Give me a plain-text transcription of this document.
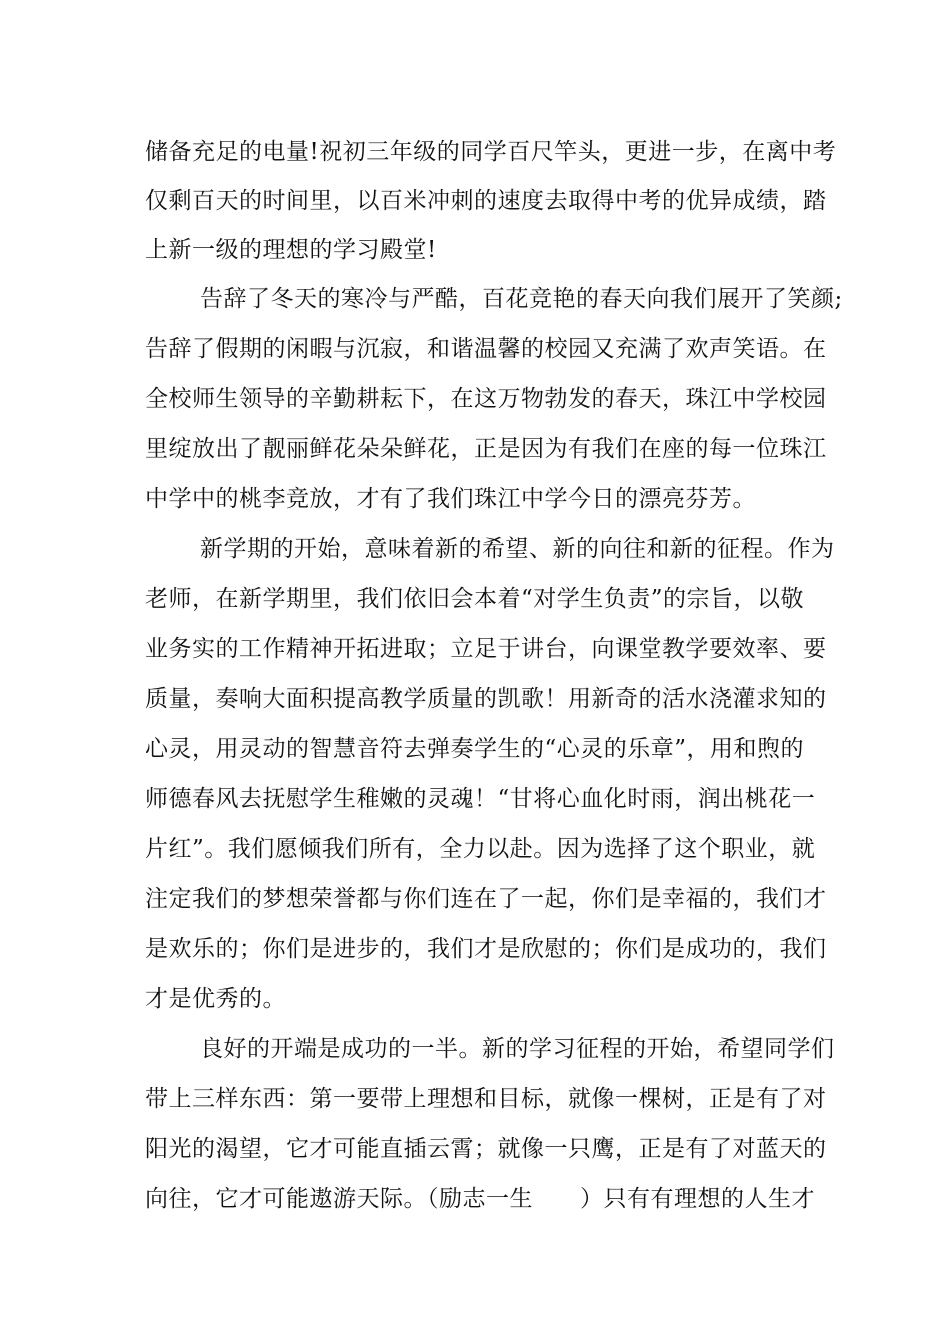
储备充足的电量!祝初三年级的同学百尺竿头，更进一步，在离中考
仅剩百天的时间里，以百米冲刺的速度去取得中考的优异成绩，踏
上新一级的理想的学习殿堂!
告辞了冬天的寒冷与严酷，百花竞艳的春天向我们展开了笑颜;
告辞了假期的闲暇与沉寂，和谐温馨的校园又充满了欢声笑语。在
全校师生领导的辛勤耕耘下，在这万物勃发的春天，珠江中学校园
里绽放出了靓丽鲜花朵朵鲜花，正是因为有我们在座的每一位珠江
中学中的桃李竞放，才有了我们珠江中学今日的漂亮芬芳。
新学期的开始，意味着新的希望、新的向往和新的征程。作为
老师，在新学期里，我们依旧会本着“对学生负责”的宗旨，以敬
业务实的工作精神开拓进取；立足于讲台，向课堂教学要效率、要
质量，奏响大面积提高教学质量的凯歌！用新奇的活水浇灌求知的
心灵，用灵动的智慧音符去弹奏学生的“心灵的乐章”，用和煦的
师德春风去抚慰学生稚嫩的灵魂！“甘将心血化时雨，润出桃花一
片红”。我们愿倾我们所有，全力以赴。因为选择了这个职业，就
注定我们的梦想荣誉都与你们连在了一起，你们是幸福的，我们才
是欢乐的；你们是进步的，我们才是欣慰的；你们是成功的，我们
才是优秀的。
良好的开端是成功的一半。新的学习征程的开始，希望同学们
带上三样东西：第一要带上理想和目标，就像一棵树，正是有了对
阳光的渴望，它才可能直插云霄；就像一只鹰，正是有了对蓝天的
向往，它才可能遨游天际。（励志一生　　）只有有理想的人生才
